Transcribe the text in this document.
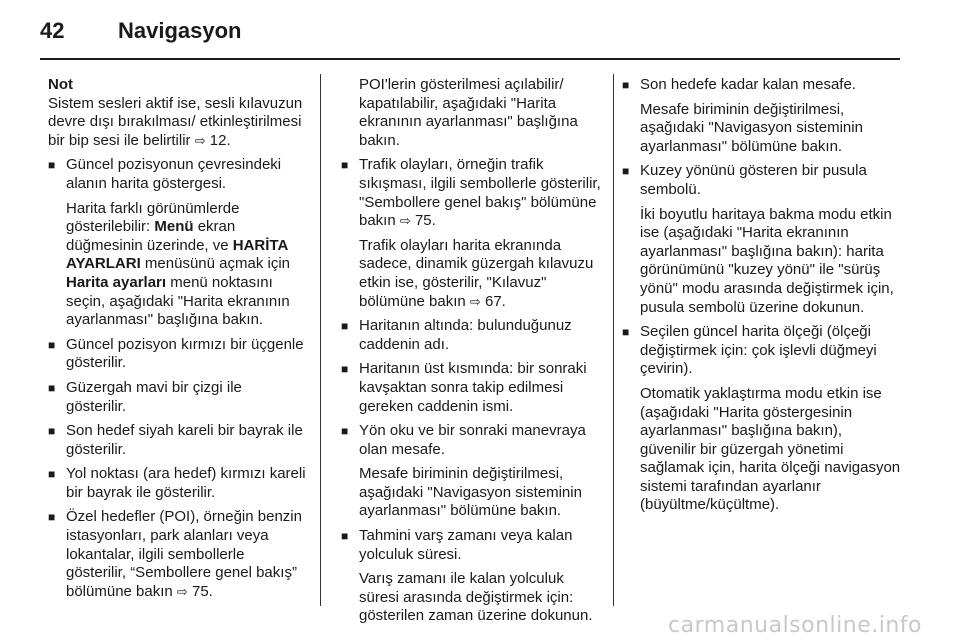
42 Navigasyon
Not
Sistem sesleri aktif ise, sesli kılavuzun devre dışı bırakılması/ etkinleştirilmesi bir bip sesi ile belirtilir ⇨ 12.
■ Güncel pozisyonun çevresindeki alanın harita göstergesi.
Harita farklı görünümlerde gösterilebilir: Menü ekran düğmesinin üzerinde, ve HARİTA AYARLARI menüsünü açmak için Harita ayarları menü noktasını seçin, aşağıdaki "Harita ekranının ayarlanması" başlığına bakın.
■ Güncel pozisyon kırmızı bir üçgenle gösterilir.
■ Güzergah mavi bir çizgi ile gösterilir.
■ Son hedef siyah kareli bir bayrak ile gösterilir.
■ Yol noktası (ara hedef) kırmızı kareli bir bayrak ile gösterilir.
■ Özel hedefler (POI), örneğin benzin istasyonları, park alanları veya lokantalar, ilgili sembollerle gösterilir, “Sembollere genel bakış” bölümüne bakın ⇨ 75.
POI'lerin gösterilmesi açılabilir/ kapatılabilir, aşağıdaki "Harita ekranının ayarlanması" başlığına bakın.
■ Trafik olayları, örneğin trafik sıkışması, ilgili sembollerle gösterilir, "Sembollere genel bakış" bölümüne bakın ⇨ 75.
Trafik olayları harita ekranında sadece, dinamik güzergah kılavuzu etkin ise, gösterilir, "Kılavuz" bölümüne bakın ⇨ 67.
■ Haritanın altında: bulunduğunuz caddenin adı.
■ Haritanın üst kısmında: bir sonraki kavşaktan sonra takip edilmesi gereken caddenin ismi.
■ Yön oku ve bir sonraki manevraya olan mesafe.
Mesafe biriminin değiştirilmesi, aşağıdaki "Navigasyon sisteminin ayarlanması" bölümüne bakın.
■ Tahmini varş zamanı veya kalan yolculuk süresi.
Varış zamanı ile kalan yolculuk süresi arasında değiştirmek için: gösterilen zaman üzerine dokunun.
■ Son hedefe kadar kalan mesafe.
Mesafe biriminin değiştirilmesi, aşağıdaki "Navigasyon sisteminin ayarlanması" bölümüne bakın.
■ Kuzey yönünü gösteren bir pusula sembolü.
İki boyutlu haritaya bakma modu etkin ise (aşağıdaki "Harita ekranının ayarlanması" başlığına bakın): harita görünümünü "kuzey yönü" ile "sürüş yönü" modu arasında değiştirmek için, pusula sembolü üzerine dokunun.
■ Seçilen güncel harita ölçeği (ölçeği değiştirmek için: çok işlevli düğmeyi çevirin).
Otomatik yaklaştırma modu etkin ise (aşağıdaki "Harita göstergesinin ayarlanması" başlığına bakın), güvenilir bir güzergah yönetimi sağlamak için, harita ölçeği navigasyon sistemi tarafından ayarlanır (büyültme/küçültme).
carmanualsonline.info
